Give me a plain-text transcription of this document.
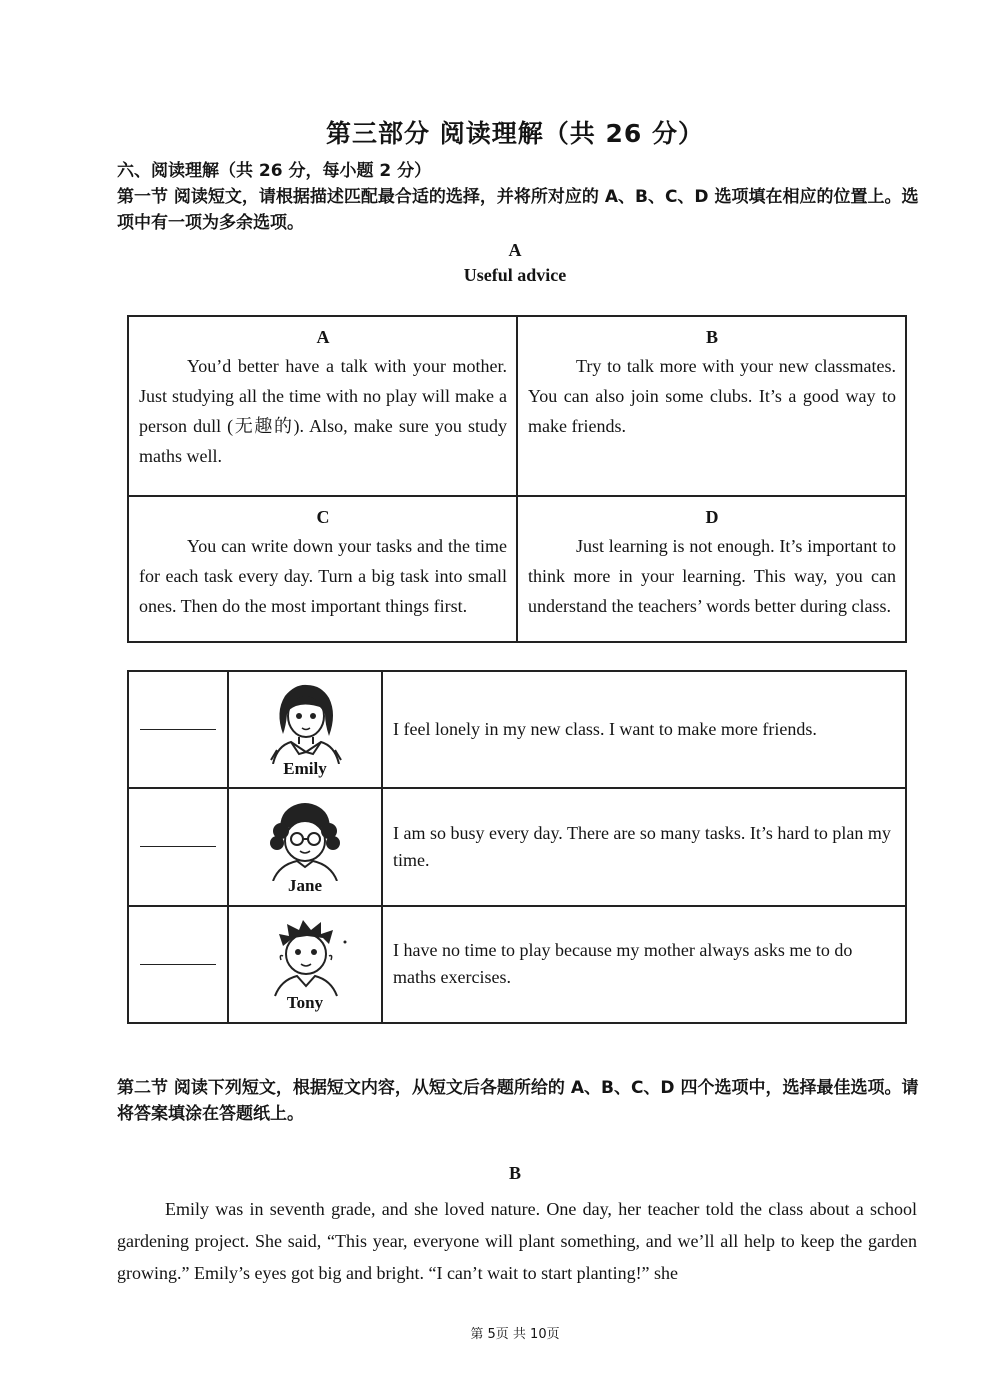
第三部分 阅读理解（共 26 分）
六、阅读理解（共 26 分，每小题 2 分）
第一节 阅读短文，请根据描述匹配最合适的选择，并将所对应的 A、B、C、D 选项填在相应的位置上。选项中有一项为多余选项。
A
Useful advice
A
You’d better have a talk with your mother. Just studying all the time with no play will make a person dull (无趣的). Also, make sure you study maths well.	B
Try to talk more with your new classmates. You can also join some clubs. It’s a good way to make friends.

C
You can write down your tasks and the time for each task every day. Turn a big task into small ones. Then do the most important things first.	D
Just learning is not enough. It’s important to think more in your learning. This way, you can understand the teachers’ words better during class.

	Emily	I feel lonely in my new class. I want to make more friends.

	Jane	I am so busy every day. There are so many tasks. It’s hard to plan my time.

	Tony	I have no time to play because my mother always asks me to do maths exercises.
第二节 阅读下列短文，根据短文内容，从短文后各题所给的 A、B、C、D 四个选项中，选择最佳选项。请将答案填涂在答题纸上。
B
Emily was in seventh grade, and she loved nature. One day, her teacher told the class about a school gardening project. She said, “This year, everyone will plant something, and we’ll all help to keep the garden growing.” Emily’s eyes got big and bright. “I can’t wait to start planting!” she
第 5页 共 10页
